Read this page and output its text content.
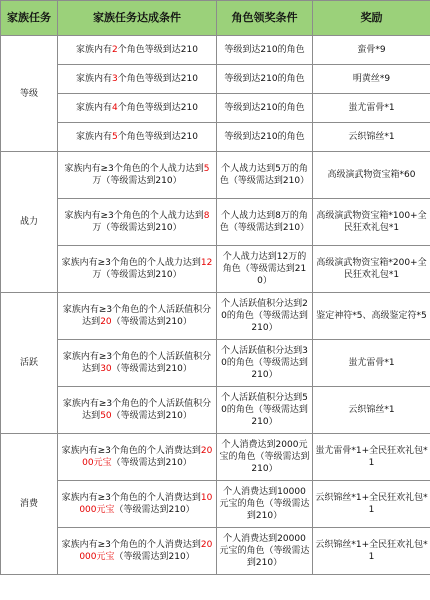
家族任务	家族任务达成条件	角色领奖条件	奖励
等级	家族内有2个角色等级到达210	等级到达210的角色	蛮骨*9
	家族内有3个角色等级到达210	等级到达210的角色	明黄丝*9
	家族内有4个角色等级到达210	等级到达210的角色	蚩尤雷骨*1
	家族内有5个角色等级到达210	等级到达210的角色	云织锦丝*1
战力	家族内有≥3个角色的个人战力达到5万（等级需达到210）	个人战力达到5万的角色（等级需达到210）	高级演武物资宝箱*60
	家族内有≥3个角色的个人战力达到8万（等级需达到210）	个人战力达到8万的角色（等级需达到210）	高级演武物资宝箱*100+全民狂欢礼包*1
	家族内有≥3个角色的个人战力达到12万（等级需达到210）	个人战力达到12万的角色（等级需达到210）	高级演武物资宝箱*200+全民狂欢礼包*1
活跃	家族内有≥3个角色的个人活跃值积分达到20（等级需达到210）	个人活跃值积分达到20的角色（等级需达到210）	鉴定神符*5、高级鉴定符*5
	家族内有≥3个角色的个人活跃值积分达到30（等级需达到210）	个人活跃值积分达到30的角色（等级需达到210）	蚩尤雷骨*1
	家族内有≥3个角色的个人活跃值积分达到50（等级需达到210）	个人活跃值积分达到50的角色（等级需达到210）	云织锦丝*1
消费	家族内有≥3个角色的个人消费达到2000元宝（等级需达到210）	个人消费达到2000元宝的角色（等级需达到210）	蚩尤雷骨*1+全民狂欢礼包*1
	家族内有≥3个角色的个人消费达到10000元宝（等级需达到210）	个人消费达到10000元宝的角色（等级需达到210）	云织锦丝*1+全民狂欢礼包*1
	家族内有≥3个角色的个人消费达到20000元宝（等级需达到210）	个人消费达到20000元宝的角色（等级需达到210）	云织锦丝*1+全民狂欢礼包*1
